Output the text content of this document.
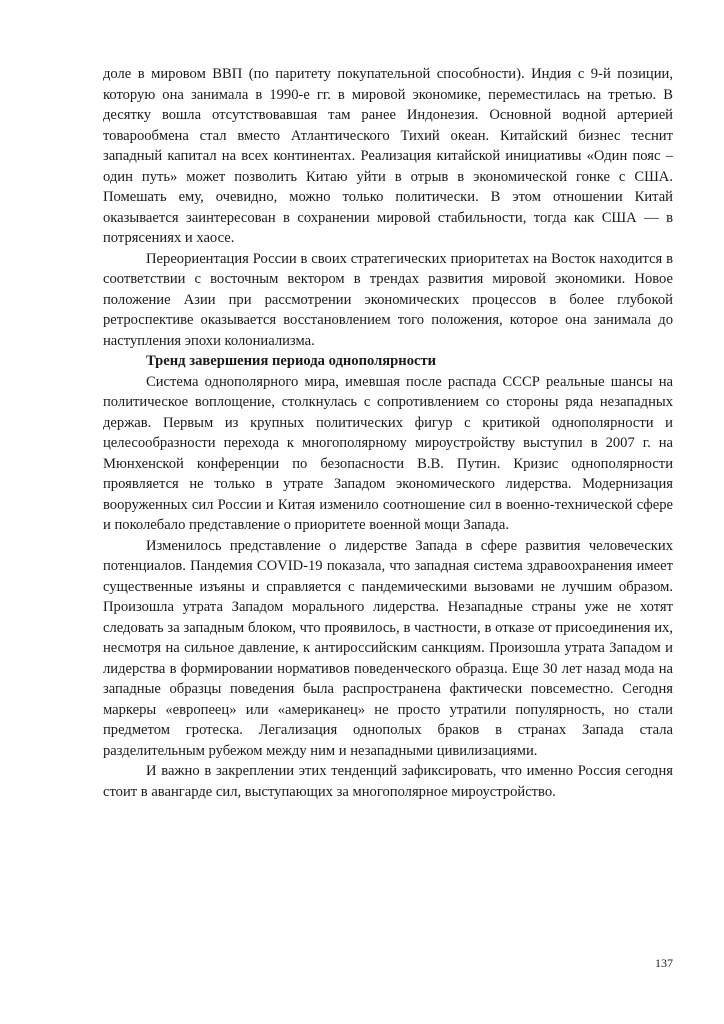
доле в мировом ВВП (по паритету покупательной способности). Индия с 9-й позиции, которую она занимала в 1990-е гг. в мировой экономике, переместилась на третью. В десятку вошла отсутствовавшая там ранее Индонезия. Основной водной артерией товарообмена стал вместо Атлантического Тихий океан. Китайский бизнес теснит западный капитал на всех континентах. Реализация китайской инициативы «Один пояс – один путь» может позволить Китаю уйти в отрыв в экономической гонке с США. Помешать ему, очевидно, можно только политически. В этом отношении Китай оказывается заинтересован в сохранении мировой стабильности, тогда как США — в потрясениях и хаосе.

Переориентация России в своих стратегических приоритетах на Восток находится в соответствии с восточным вектором в трендах развития мировой экономики. Новое положение Азии при рассмотрении экономических процессов в более глубокой ретроспективе оказывается восстановлением того положения, которое она занимала до наступления эпохи колониализма.

Тренд завершения периода однополярности

Система однополярного мира, имевшая после распада СССР реальные шансы на политическое воплощение, столкнулась с сопротивлением со стороны ряда незападных держав. Первым из крупных политических фигур с критикой однополярности и целесообразности перехода к многополярному мироустройству выступил в 2007 г. на Мюнхенской конференции по безопасности В.В. Путин. Кризис однополярности проявляется не только в утрате Западом экономического лидерства. Модернизация вооруженных сил России и Китая изменило соотношение сил в военно-технической сфере и поколебало представление о приоритете военной мощи Запада.

Изменилось представление о лидерстве Запада в сфере развития человеческих потенциалов. Пандемия COVID-19 показала, что западная система здравоохранения имеет существенные изъяны и справляется с пандемическими вызовами не лучшим образом. Произошла утрата Западом морального лидерства. Незападные страны уже не хотят следовать за западным блоком, что проявилось, в частности, в отказе от присоединения их, несмотря на сильное давление, к антироссийским санкциям. Произошла утрата Западом и лидерства в формировании нормативов поведенческого образца. Еще 30 лет назад мода на западные образцы поведения была распространена фактически повсеместно. Сегодня маркеры «европеец» или «американец» не просто утратили популярность, но стали предметом гротеска. Легализация однополых браков в странах Запада стала разделительным рубежом между ним и незападными цивилизациями.

И важно в закреплении этих тенденций зафиксировать, что именно Россия сегодня стоит в авангарде сил, выступающих за многополярное мироустройство.

137
